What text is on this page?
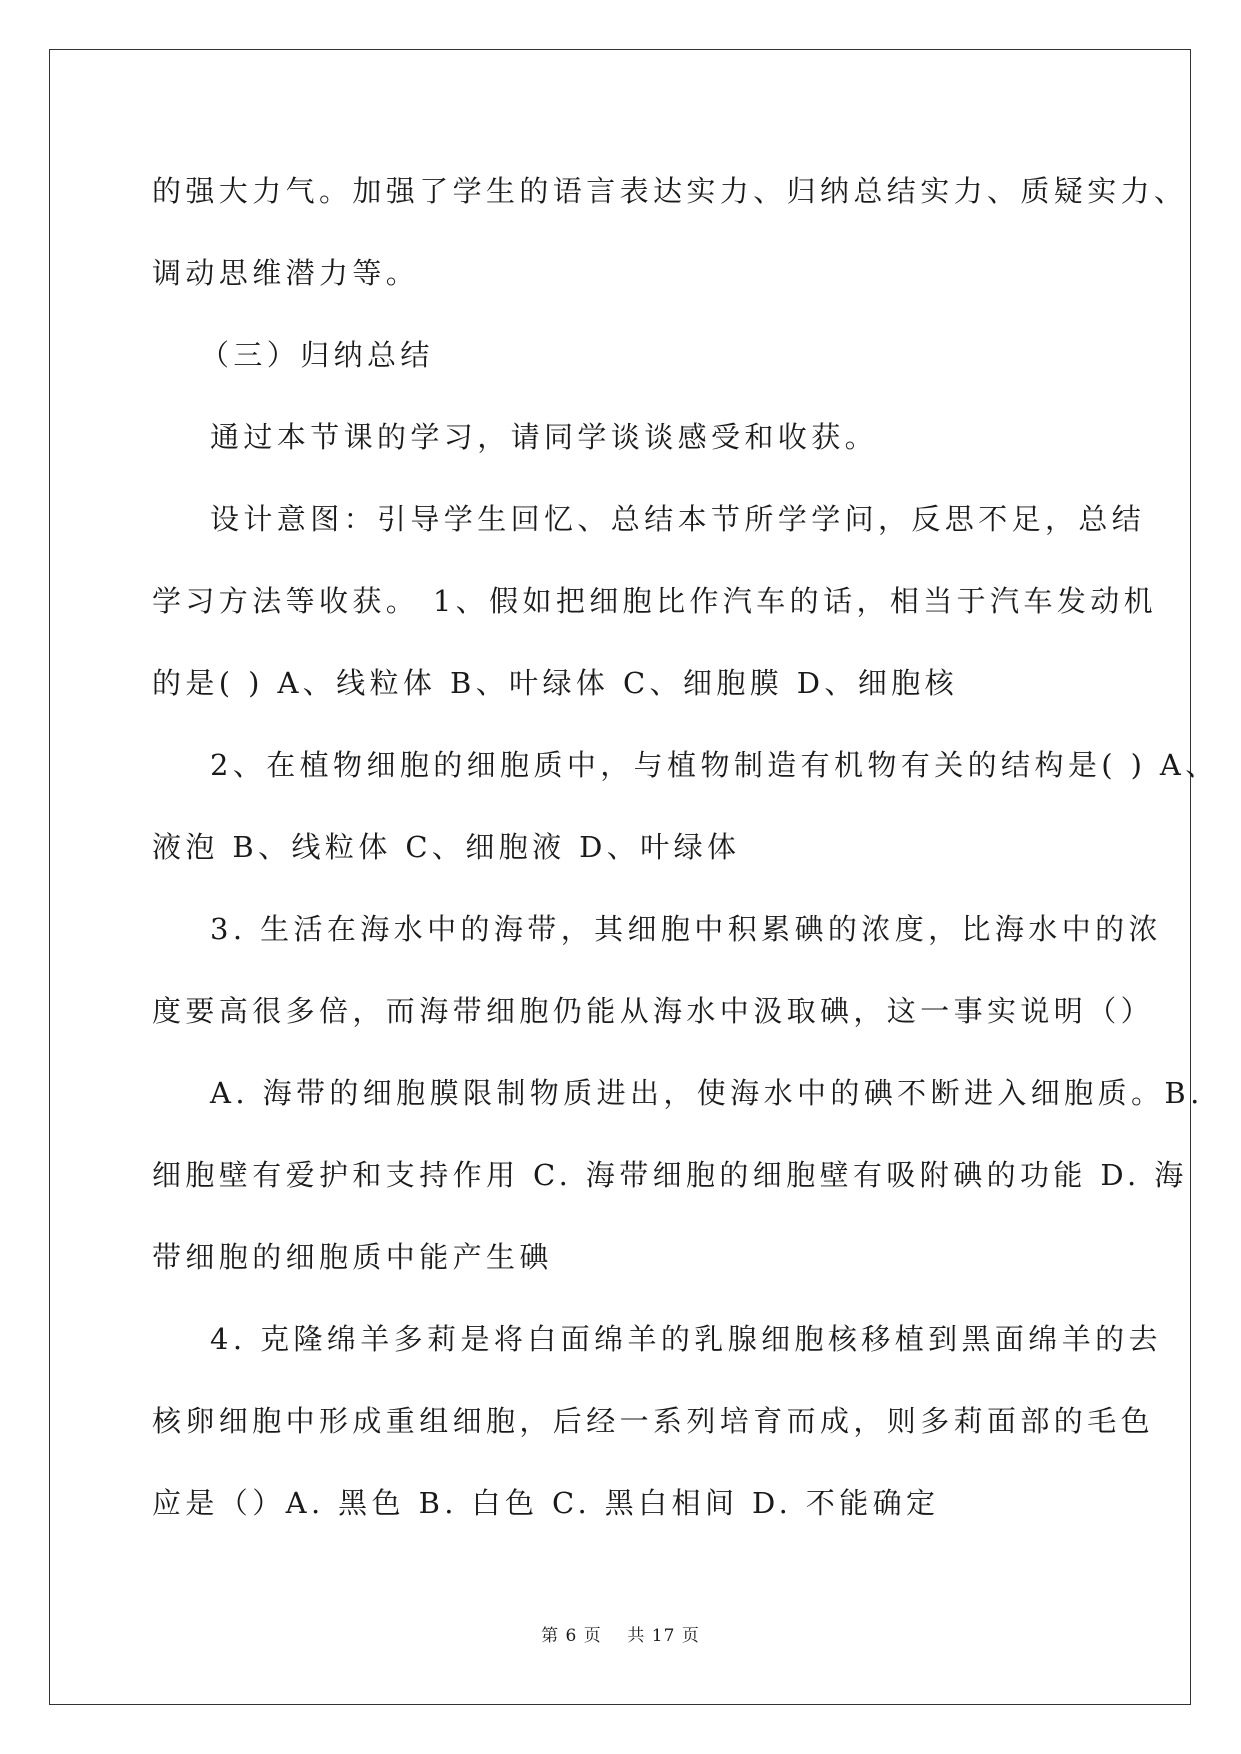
的强大力气。加强了学生的语言表达实力、归纳总结实力、质疑实力、
调动思维潜力等。
（三）归纳总结
通过本节课的学习，请同学谈谈感受和收获。
设计意图：引导学生回忆、总结本节所学学问，反思不足，总结
学习方法等收获。 1、假如把细胞比作汽车的话，相当于汽车发动机
的是( ) A、线粒体 B、叶绿体 C、细胞膜 D、细胞核
2、在植物细胞的细胞质中，与植物制造有机物有关的结构是( ) A、
液泡 B、线粒体 C、细胞液 D、叶绿体
3. 生活在海水中的海带，其细胞中积累碘的浓度，比海水中的浓
度要高很多倍，而海带细胞仍能从海水中汲取碘，这一事实说明（）
A. 海带的细胞膜限制物质进出，使海水中的碘不断进入细胞质。B.
细胞壁有爱护和支持作用 C. 海带细胞的细胞壁有吸附碘的功能 D. 海
带细胞的细胞质中能产生碘
4. 克隆绵羊多莉是将白面绵羊的乳腺细胞核移植到黑面绵羊的去
核卵细胞中形成重组细胞，后经一系列培育而成，则多莉面部的毛色
应是（）A. 黑色 B. 白色 C. 黑白相间 D. 不能确定
第 6 页 共 17 页
